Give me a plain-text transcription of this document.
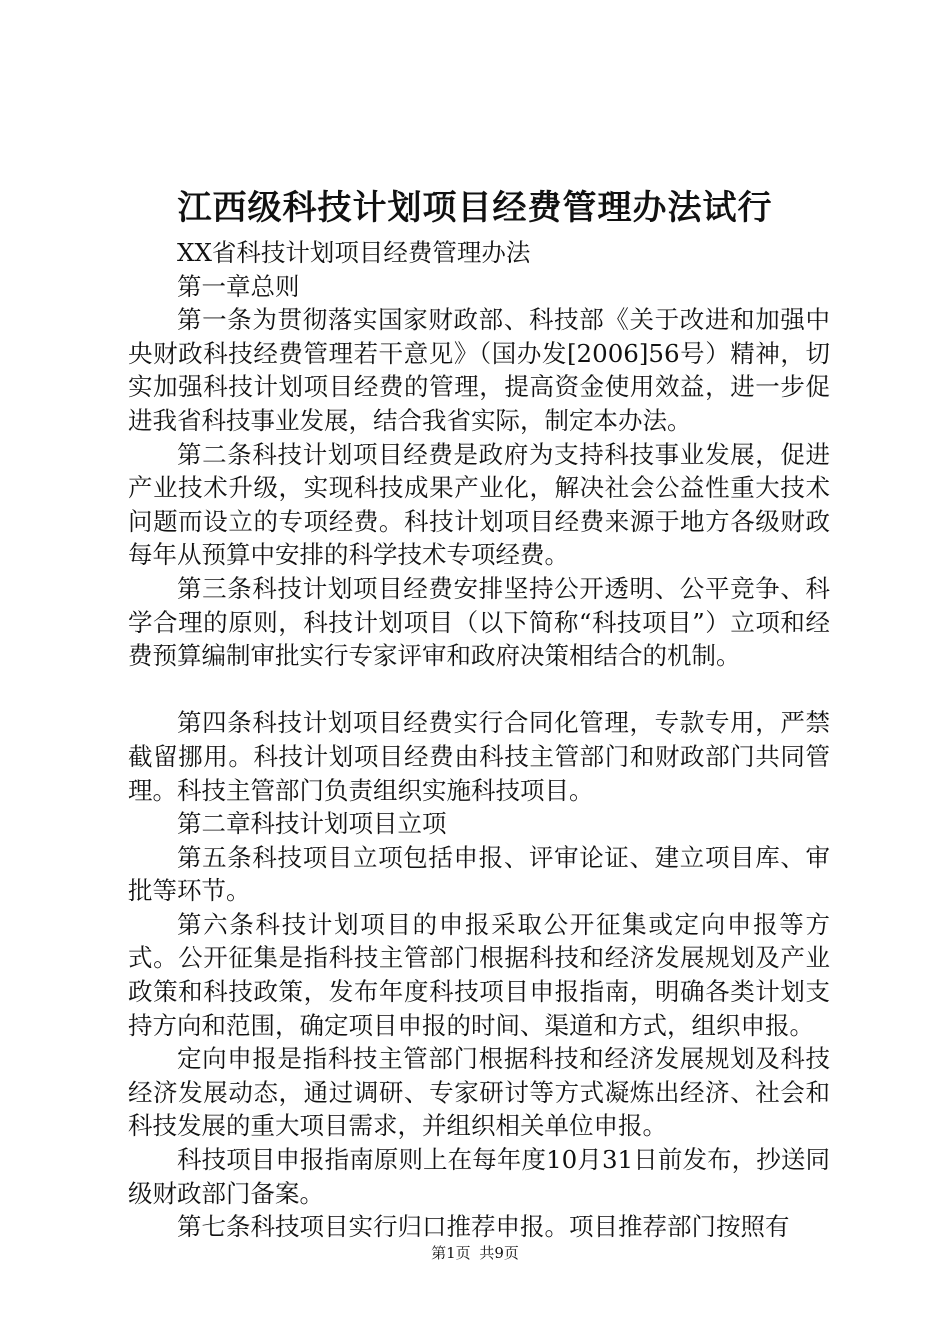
江西级科技计划项目经费管理办法试行

XX省科技计划项目经费管理办法

第一章总则

第一条为贯彻落实国家财政部、科技部《关于改进和加强中央财政科技经费管理若干意见》（国办发[2006]56号）精神，切实加强科技计划项目经费的管理，提高资金使用效益，进一步促进我省科技事业发展，结合我省实际，制定本办法。

第二条科技计划项目经费是政府为支持科技事业发展，促进产业技术升级，实现科技成果产业化，解决社会公益性重大技术问题而设立的专项经费。科技计划项目经费来源于地方各级财政每年从预算中安排的科学技术专项经费。

第三条科技计划项目经费安排坚持公开透明、公平竞争、科学合理的原则，科技计划项目（以下简称“科技项目”）立项和经费预算编制审批实行专家评审和政府决策相结合的机制。

第四条科技计划项目经费实行合同化管理，专款专用，严禁截留挪用。科技计划项目经费由科技主管部门和财政部门共同管理。科技主管部门负责组织实施科技项目。

第二章科技计划项目立项

第五条科技项目立项包括申报、评审论证、建立项目库、审批等环节。

第六条科技计划项目的申报采取公开征集或定向申报等方式。公开征集是指科技主管部门根据科技和经济发展规划及产业政策和科技政策，发布年度科技项目申报指南，明确各类计划支持方向和范围，确定项目申报的时间、渠道和方式，组织申报。

定向申报是指科技主管部门根据科技和经济发展规划及科技经济发展动态，通过调研、专家研讨等方式凝炼出经济、社会和科技发展的重大项目需求，并组织相关单位申报。

科技项目申报指南原则上在每年度10月31日前发布，抄送同级财政部门备案。

第七条科技项目实行归口推荐申报。项目推荐部门按照有

第1页 共9页
